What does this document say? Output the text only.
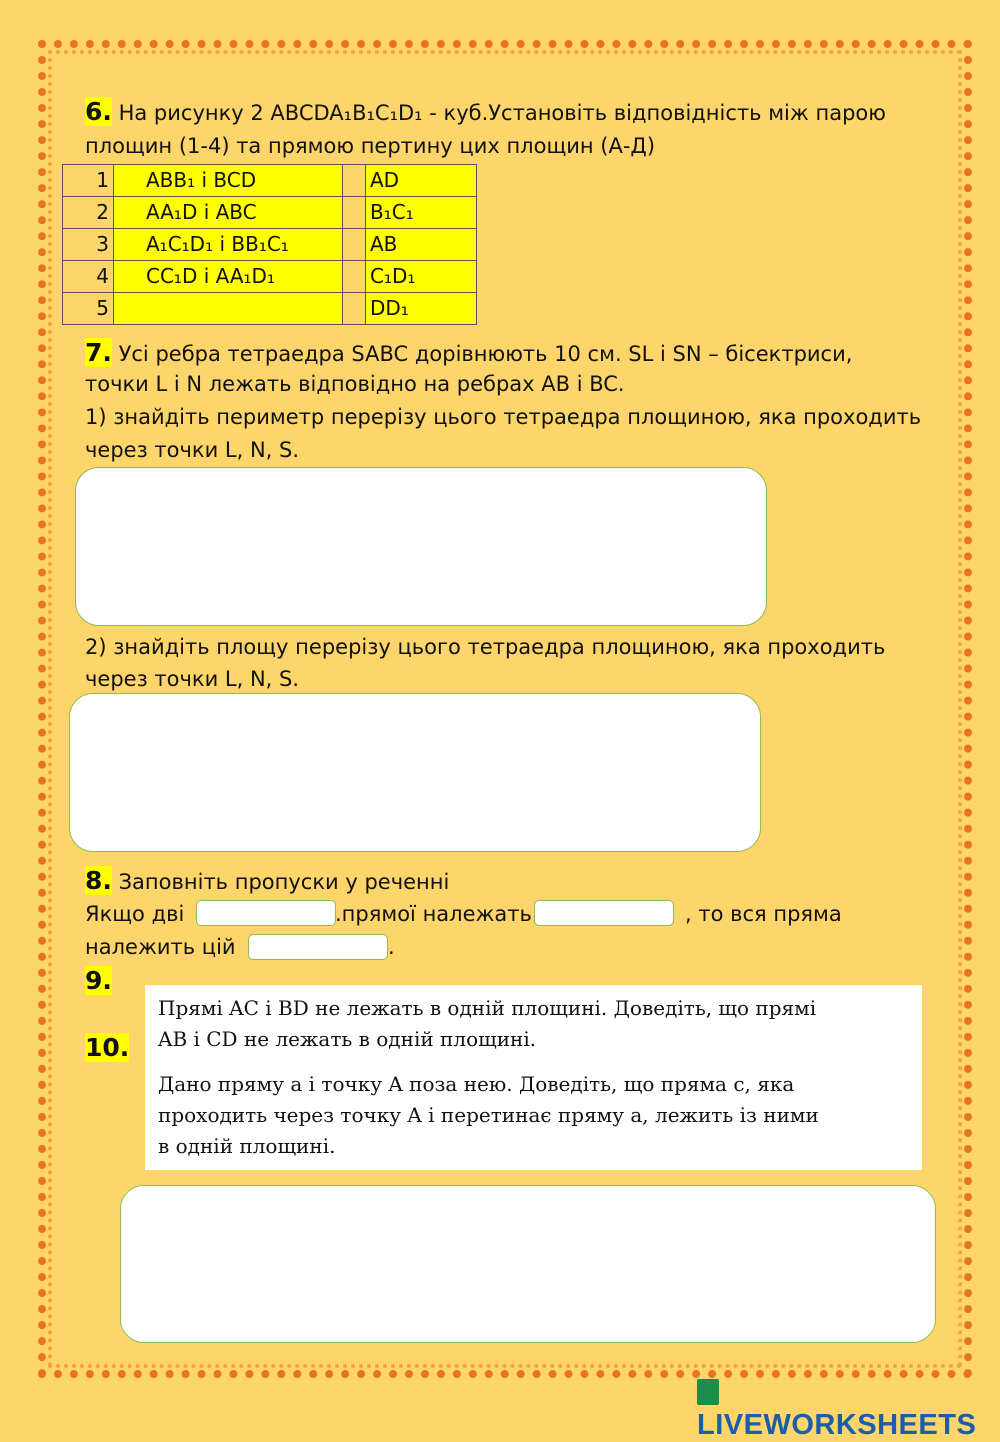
6. На рисунку 2 ABCDA₁B₁C₁D₁ - куб.Установіть відповідність між парою
площин (1-4) та прямою пертину цих площин (А-Д)
1	ABB₁ і BCD		AD
2	AA₁D і ABC		B₁C₁
3	A₁C₁D₁ і BB₁C₁		AB
4	CC₁D і AA₁D₁		C₁D₁
5			DD₁
7. Усі ребра тетраедра SABC дорівнюють 10 см. SL і SN – бісектриси,
точки L і N лежать відповідно на ребрах AB і BC.
1) знайдіть периметр перерізу цього тетраедра площиною, яка проходить
через точки L, N, S.
2) знайдіть площу перерізу цього тетраедра площиною, яка проходить
через точки L, N, S.
8. Заповніть пропуски у реченні
Якщо дві	.прямої належать	, то вся пряма
належить цій	.
9.
10.
Прямі AC і BD не лежать в одній площині. Доведіть, що прямі
AB і CD не лежать в одній площині.
Дано пряму a і точку A поза нею. Доведіть, що пряма c, яка
проходить через точку A і перетинає пряму a, лежить із ними
в одній площині.
LIVEWORKSHEETS
